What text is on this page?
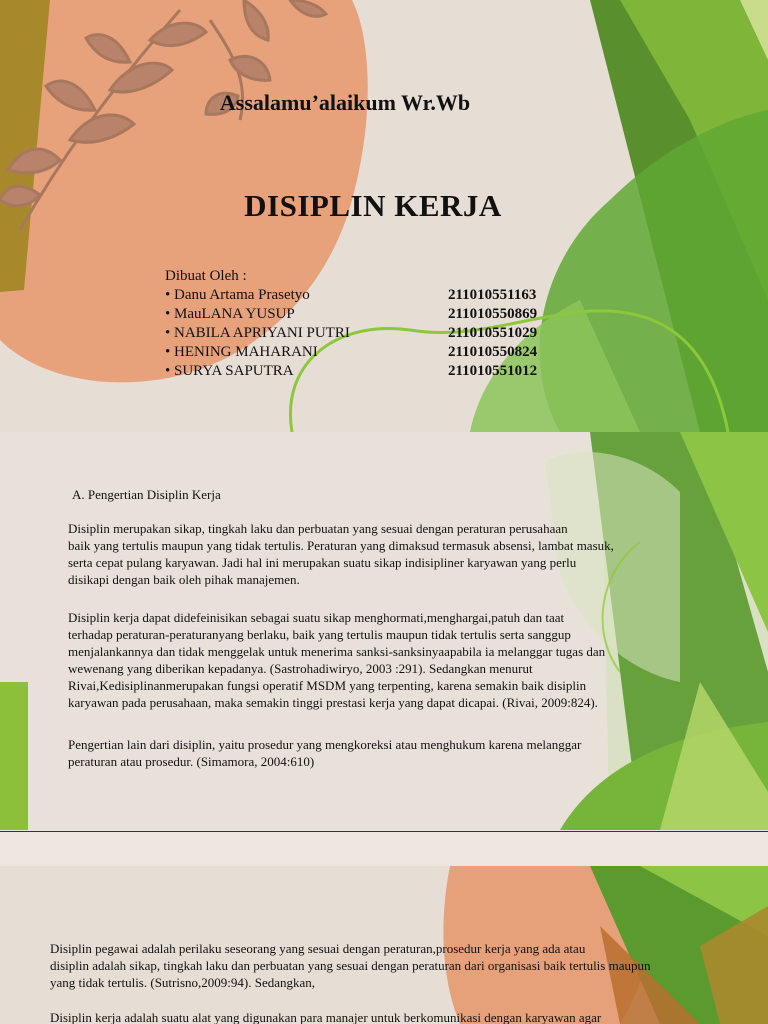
Assalamu’alaikum Wr.Wb
DISIPLIN KERJA
Dibuat Oleh :
• Danu Artama Prasetyo	211010551163
• MauLANA YUSUP	211010550869
• NABILA APRIYANI PUTRI	211010551029
• HENING MAHARANI	211010550824
• SURYA SAPUTRA	211010551012
A. Pengertian Disiplin Kerja
Disiplin merupakan sikap, tingkah laku dan perbuatan yang sesuai dengan peraturan perusahaan
baik yang tertulis maupun yang tidak tertulis. Peraturan yang dimaksud termasuk absensi, lambat masuk,
serta cepat pulang karyawan. Jadi hal ini merupakan suatu sikap indisipliner karyawan yang perlu
disikapi dengan baik oleh pihak manajemen.
Disiplin kerja dapat didefeinisikan sebagai suatu sikap menghormati,menghargai,patuh dan taat
terhadap peraturan-peraturanyang berlaku, baik yang tertulis maupun tidak tertulis serta sanggup
menjalankannya dan tidak menggelak untuk menerima sanksi-sanksinyaapabila ia melanggar tugas dan
wewenang yang diberikan kepadanya. (Sastrohadiwiryo, 2003 :291). Sedangkan menurut
Rivai,Kedisiplinanmerupakan fungsi operatif MSDM yang terpenting, karena semakin baik disiplin
karyawan pada perusahaan, maka semakin tinggi prestasi kerja yang dapat dicapai. (Rivai, 2009:824).
Pengertian lain dari disiplin, yaitu prosedur yang mengkoreksi atau menghukum karena melanggar
peraturan atau prosedur. (Simamora, 2004:610)
Disiplin pegawai adalah perilaku seseorang yang sesuai dengan peraturan,prosedur kerja yang ada atau
disiplin adalah sikap, tingkah laku dan perbuatan yang sesuai dengan peraturan dari organisasi baik tertulis maupun
yang tidak tertulis. (Sutrisno,2009:94). Sedangkan,
Disiplin kerja adalah suatu alat yang digunakan para manajer untuk berkomunikasi dengan karyawan agar
